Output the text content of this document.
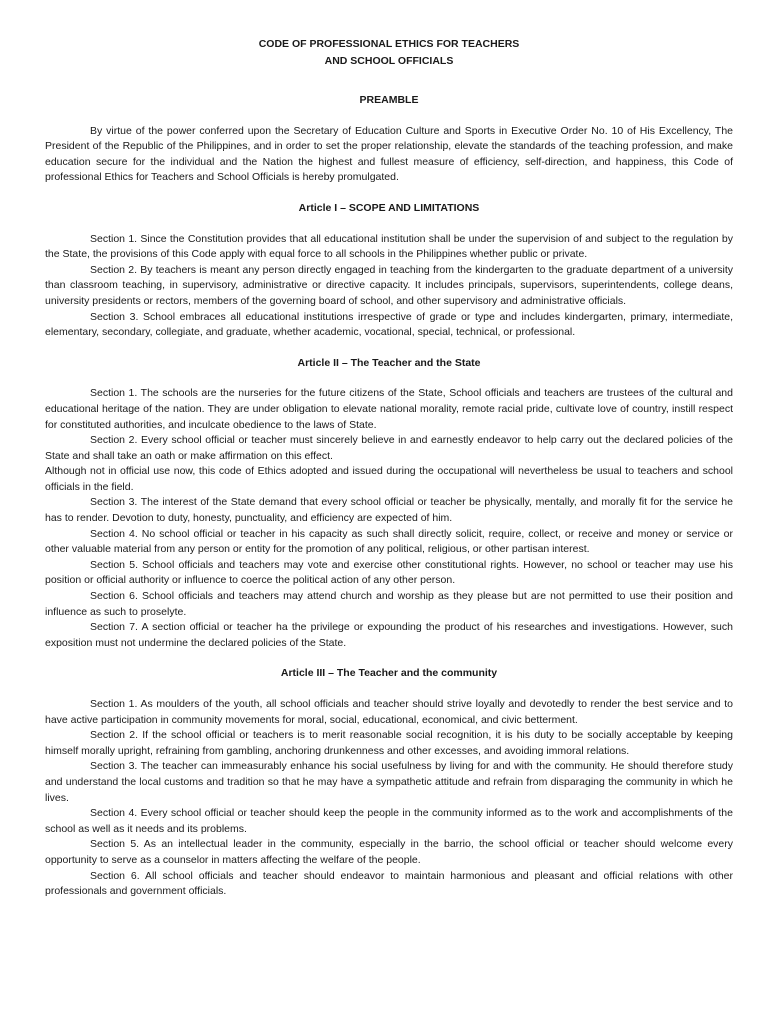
CODE OF PROFESSIONAL ETHICS FOR TEACHERS
AND SCHOOL OFFICIALS
PREAMBLE

By virtue of the power conferred upon the Secretary of Education Culture and Sports in Executive Order No. 10 of His Excellency, The President of the Republic of the Philippines, and in order to set the proper relationship, elevate the standards of the teaching profession, and make education secure for the individual and the Nation the highest and fullest measure of efficiency, self-direction, and happiness, this Code of professional Ethics for Teachers and School Officials is hereby promulgated.

Article I – SCOPE AND LIMITATIONS

Section 1. Since the Constitution provides that all educational institution shall be under the supervision of and subject to the regulation by the State, the provisions of this Code apply with equal force to all schools in the Philippines whether public or private.

Section 2. By teachers is meant any person directly engaged in teaching from the kindergarten to the graduate department of a university than classroom teaching, in supervisory, administrative or directive capacity. It includes principals, supervisors, superintendents, college deans, university presidents or rectors, members of the governing board of school, and other supervisory and administrative officials.

Section 3. School embraces all educational institutions irrespective of grade or type and includes kindergarten, primary, intermediate, elementary, secondary, collegiate, and graduate, whether academic, vocational, special, technical, or professional.

Article II – The Teacher and the State

Section 1. The schools are the nurseries for the future citizens of the State, School officials and teachers are trustees of the cultural and educational heritage of the nation. They are under obligation to elevate national morality, remote racial pride, cultivate love of country, instill respect for constituted authorities, and inculcate obedience to the laws of State.

Section 2. Every school official or teacher must sincerely believe in and earnestly endeavor to help carry out the declared policies of the State and shall take an oath or make affirmation on this effect.

Although not in official use now, this code of Ethics adopted and issued during the occupational will nevertheless be usual to teachers and school officials in the field.

Section 3. The interest of the State demand that every school official or teacher be physically, mentally, and morally fit for the service he has to render. Devotion to duty, honesty, punctuality, and efficiency are expected of him.

Section 4. No school official or teacher in his capacity as such shall directly solicit, require, collect, or receive and money or service or other valuable material from any person or entity for the promotion of any political, religious, or other partisan interest.

Section 5. School officials and teachers may vote and exercise other constitutional rights. However, no school or teacher may use his position or official authority or influence to coerce the political action of any other person.

Section 6. School officials and teachers may attend church and worship as they please but are not permitted to use their position and influence as such to proselyte.

Section 7. A section official or teacher ha the privilege or expounding the product of his researches and investigations. However, such exposition must not undermine the declared policies of the State.

Article III – The Teacher and the community

Section 1. As moulders of the youth, all school officials and teacher should strive loyally and devotedly to render the best service and to have active participation in community movements for moral, social, educational, economical, and civic betterment.

Section 2. If the school official or teachers is to merit reasonable social recognition, it is his duty to be socially acceptable by keeping himself morally upright, refraining from gambling, anchoring drunkenness and other excesses, and avoiding immoral relations.

Section 3. The teacher can immeasurably enhance his social usefulness by living for and with the community. He should therefore study and understand the local customs and tradition so that he may have a sympathetic attitude and refrain from disparaging the community in which he lives.

Section 4. Every school official or teacher should keep the people in the community informed as to the work and accomplishments of the school as well as it needs and its problems.

Section 5. As an intellectual leader in the community, especially in the barrio, the school official or teacher should welcome every opportunity to serve as a counselor in matters affecting the welfare of the people.

Section 6. All school officials and teacher should endeavor to maintain harmonious and pleasant and official relations with other professionals and government officials.
